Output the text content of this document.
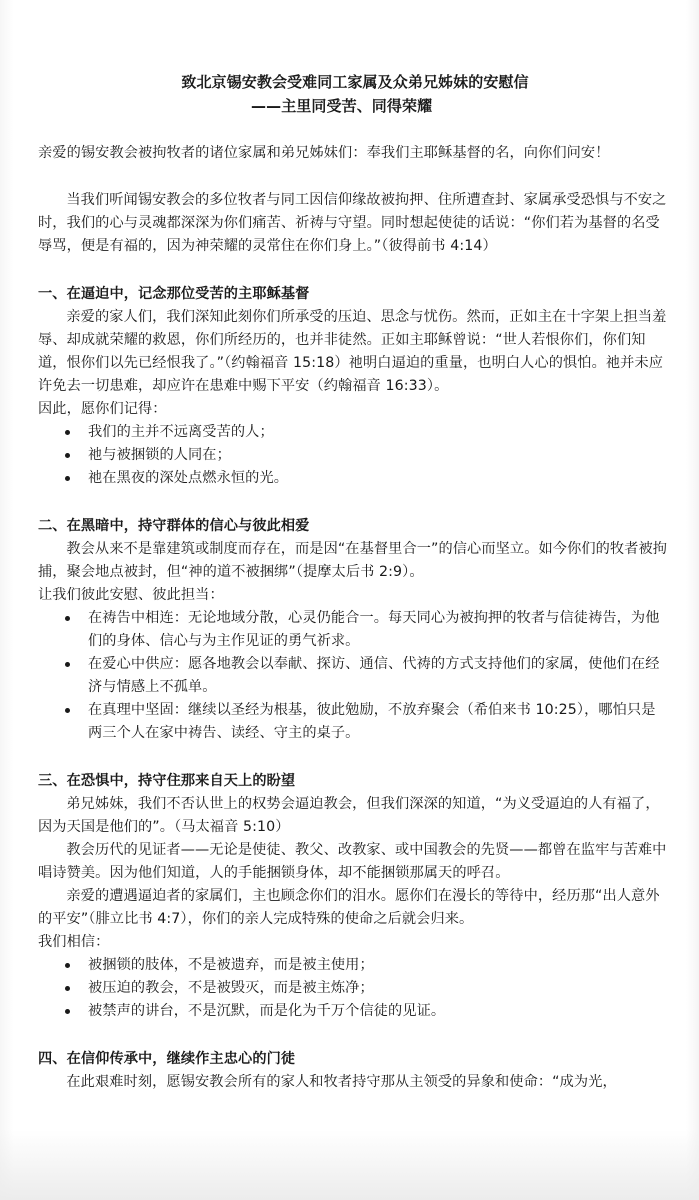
致北京锡安教会受难同工家属及众弟兄姊妹的安慰信

——主里同受苦、同得荣耀

亲爱的锡安教会被拘牧者的诸位家属和弟兄姊妹们：奉我们主耶稣基督的名，向你们问安！

当我们听闻锡安教会的多位牧者与同工因信仰缘故被拘押、住所遭查封、家属承受恐惧与不安之时，我们的心与灵魂都深深为你们痛苦、祈祷与守望。同时想起使徒的话说：“你们若为基督的名受辱骂，便是有福的，因为神荣耀的灵常住在你们身上。”（彼得前书 4:14）

一、在逼迫中，记念那位受苦的主耶稣基督

亲爱的家人们，我们深知此刻你们所承受的压迫、思念与忧伤。然而，正如主在十字架上担当羞辱、却成就荣耀的救恩，你们所经历的，也并非徒然。正如主耶稣曾说：“世人若恨你们，你们知道，恨你们以先已经恨我了。”（约翰福音 15:18）祂明白逼迫的重量，也明白人心的惧怕。祂并未应许免去一切患难，却应许在患难中赐下平安（约翰福音 16:33）。

因此，愿你们记得：

我们的主并不远离受苦的人；
祂与被捆锁的人同在；
祂在黑夜的深处点燃永恒的光。

二、在黑暗中，持守群体的信心与彼此相爱

教会从来不是靠建筑或制度而存在，而是因“在基督里合一”的信心而坚立。如今你们的牧者被拘捕，聚会地点被封，但“神的道不被捆绑”（提摩太后书 2:9）。

让我们彼此安慰、彼此担当：

在祷告中相连：无论地域分散，心灵仍能合一。每天同心为被拘押的牧者与信徒祷告，为他们的身体、信心与为主作见证的勇气祈求。
在爱心中供应：愿各地教会以奉献、探访、通信、代祷的方式支持他们的家属，使他们在经济与情感上不孤单。
在真理中坚固：继续以圣经为根基，彼此勉励，不放弃聚会（希伯来书 10:25），哪怕只是两三个人在家中祷告、读经、守主的桌子。

三、在恐惧中，持守住那来自天上的盼望

弟兄姊妹，我们不否认世上的权势会逼迫教会，但我们深深的知道，“为义受逼迫的人有福了，因为天国是他们的”。（马太福音 5:10）

教会历代的见证者——无论是使徒、教父、改教家、或中国教会的先贤——都曾在监牢与苦难中唱诗赞美。因为他们知道，人的手能捆锁身体，却不能捆锁那属天的呼召。

亲爱的遭遇逼迫者的家属们，主也顾念你们的泪水。愿你们在漫长的等待中，经历那“出人意外的平安”（腓立比书 4:7），你们的亲人完成特殊的使命之后就会归来。

我们相信：

被捆锁的肢体，不是被遗弃，而是被主使用；
被压迫的教会，不是被毁灭，而是被主炼净；
被禁声的讲台，不是沉默，而是化为千万个信徒的见证。

四、在信仰传承中，继续作主忠心的门徒

在此艰难时刻，愿锡安教会所有的家人和牧者持守那从主领受的异象和使命：“成为光，
